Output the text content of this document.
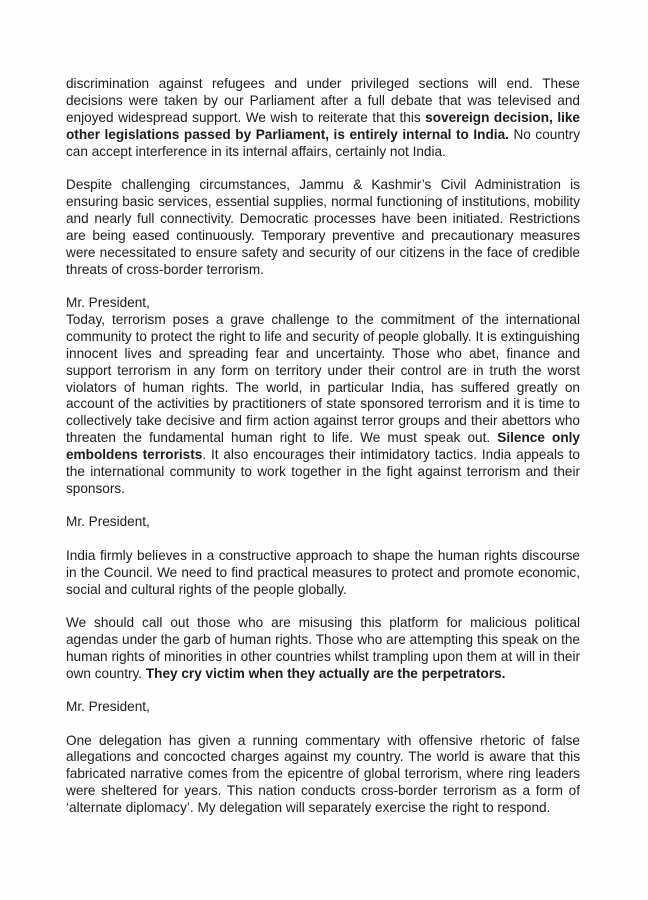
discrimination against refugees and under privileged sections will end. These decisions were taken by our Parliament after a full debate that was televised and enjoyed widespread support. We wish to reiterate that this sovereign decision, like other legislations passed by Parliament, is entirely internal to India. No country can accept interference in its internal affairs, certainly not India.

Despite challenging circumstances, Jammu & Kashmir’s Civil Administration is ensuring basic services, essential supplies, normal functioning of institutions, mobility and nearly full connectivity. Democratic processes have been initiated. Restrictions are being eased continuously. Temporary preventive and precautionary measures were necessitated to ensure safety and security of our citizens in the face of credible threats of cross-border terrorism.

Mr. President,

Today, terrorism poses a grave challenge to the commitment of the international community to protect the right to life and security of people globally. It is extinguishing innocent lives and spreading fear and uncertainty. Those who abet, finance and support terrorism in any form on territory under their control are in truth the worst violators of human rights. The world, in particular India, has suffered greatly on account of the activities by practitioners of state sponsored terrorism and it is time to collectively take decisive and firm action against terror groups and their abettors who threaten the fundamental human right to life. We must speak out. Silence only emboldens terrorists. It also encourages their intimidatory tactics. India appeals to the international community to work together in the fight against terrorism and their sponsors.

Mr. President,

India firmly believes in a constructive approach to shape the human rights discourse in the Council. We need to find practical measures to protect and promote economic, social and cultural rights of the people globally.

We should call out those who are misusing this platform for malicious political agendas under the garb of human rights. Those who are attempting this speak on the human rights of minorities in other countries whilst trampling upon them at will in their own country. They cry victim when they actually are the perpetrators.

Mr. President,

One delegation has given a running commentary with offensive rhetoric of false allegations and concocted charges against my country. The world is aware that this fabricated narrative comes from the epicentre of global terrorism, where ring leaders were sheltered for years. This nation conducts cross-border terrorism as a form of ‘alternate diplomacy’. My delegation will separately exercise the right to respond.
